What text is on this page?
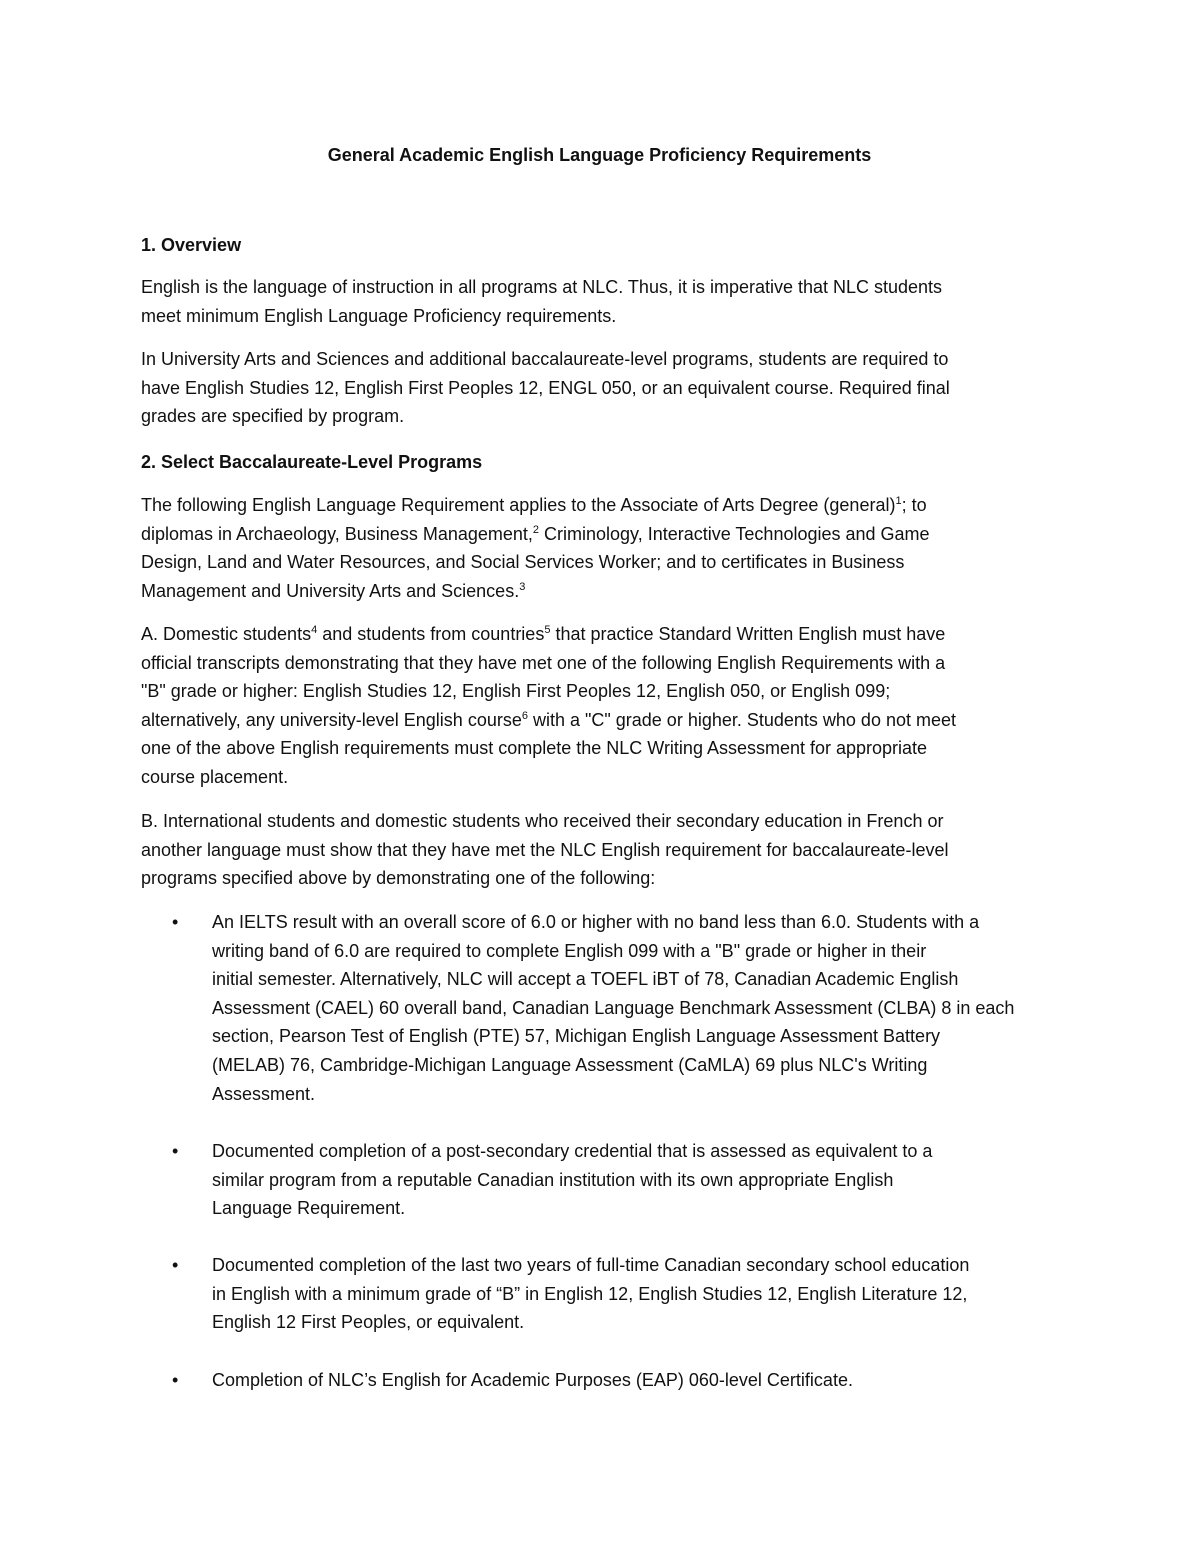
General Academic English Language Proficiency Requirements
1. Overview

English is the language of instruction in all programs at NLC. Thus, it is imperative that NLC students
meet minimum English Language Proficiency requirements.

In University Arts and Sciences and additional baccalaureate-level programs, students are required to
have English Studies 12, English First Peoples 12, ENGL 050, or an equivalent course. Required final
grades are specified by program.

2. Select Baccalaureate-Level Programs

The following English Language Requirement applies to the Associate of Arts Degree (general)$^1$; to
diplomas in Archaeology, Business Management,$^2$ Criminology, Interactive Technologies and Game
Design, Land and Water Resources, and Social Services Worker; and to certificates in Business
Management and University Arts and Sciences.$^3$

A. Domestic students$^4$ and students from countries$^5$ that practice Standard Written English must have
official transcripts demonstrating that they have met one of the following English Requirements with a
"B" grade or higher: English Studies 12, English First Peoples 12, English 050, or English 099;
alternatively, any university-level English course$^6$ with a "C" grade or higher. Students who do not meet
one of the above English requirements must complete the NLC Writing Assessment for appropriate
course placement.

B. International students and domestic students who received their secondary education in French or
another language must show that they have met the NLC English requirement for baccalaureate-level
programs specified above by demonstrating one of the following:

• An IELTS result with an overall score of 6.0 or higher with no band less than 6.0. Students with a
writing band of 6.0 are required to complete English 099 with a "B" grade or higher in their
initial semester. Alternatively, NLC will accept a TOEFL iBT of 78, Canadian Academic English
Assessment (CAEL) 60 overall band, Canadian Language Benchmark Assessment (CLBA) 8 in each
section, Pearson Test of English (PTE) 57, Michigan English Language Assessment Battery
(MELAB) 76, Cambridge-Michigan Language Assessment (CaMLA) 69 plus NLC's Writing
Assessment.
• Documented completion of a post-secondary credential that is assessed as equivalent to a
similar program from a reputable Canadian institution with its own appropriate English
Language Requirement.
• Documented completion of the last two years of full-time Canadian secondary school education
in English with a minimum grade of “B” in English 12, English Studies 12, English Literature 12,
English 12 First Peoples, or equivalent.
• Completion of NLC’s English for Academic Purposes (EAP) 060-level Certificate.
